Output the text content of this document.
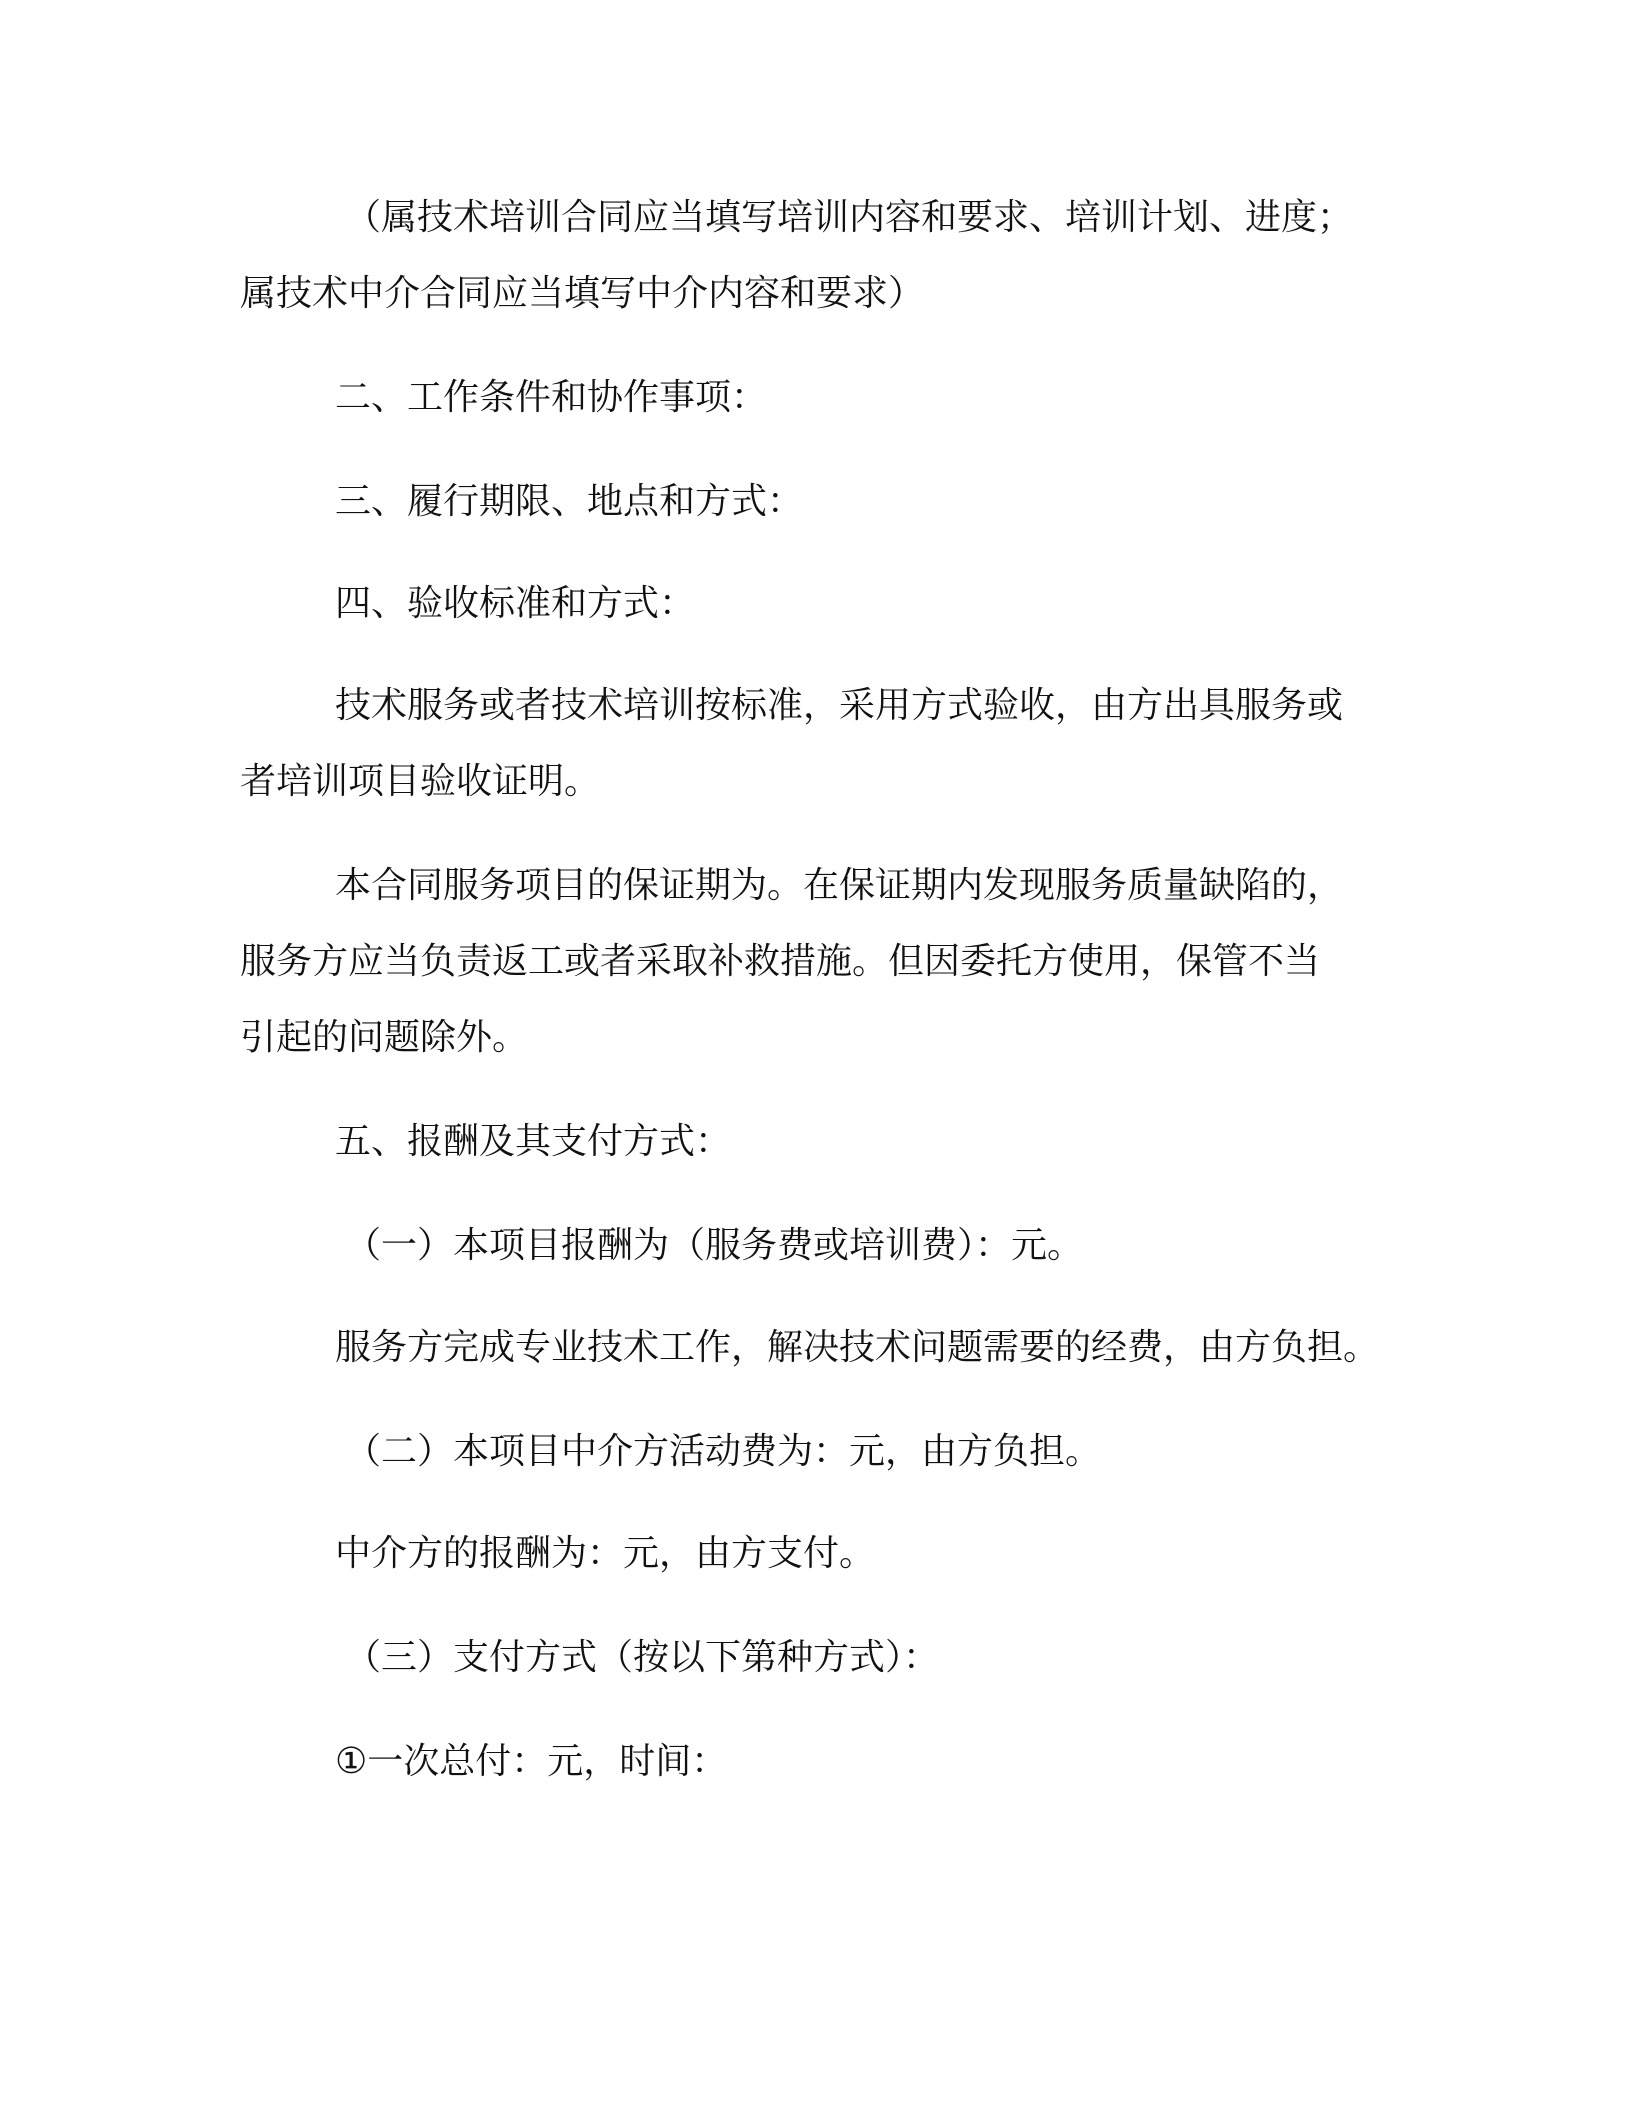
（属技术培训合同应当填写培训内容和要求、培训计划、进度；
属技术中介合同应当填写中介内容和要求）
二、工作条件和协作事项：
三、履行期限、地点和方式：
四、验收标准和方式：
技术服务或者技术培训按标准，采用方式验收，由方出具服务或
者培训项目验收证明。
本合同服务项目的保证期为。在保证期内发现服务质量缺陷的，
服务方应当负责返工或者采取补救措施。但因委托方使用，保管不当
引起的问题除外。
五、报酬及其支付方式：
（一）本项目报酬为（服务费或培训费）：元。
服务方完成专业技术工作，解决技术问题需要的经费，由方负担。
（二）本项目中介方活动费为：元，由方负担。
中介方的报酬为：元，由方支付。
（三）支付方式（按以下第种方式）：
①一次总付：元，时间：
